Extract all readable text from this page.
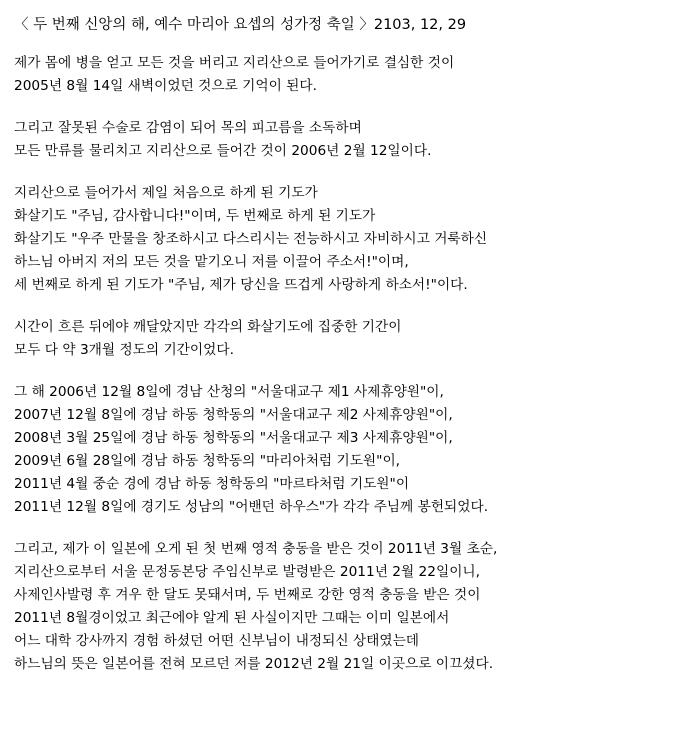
〈 두 번째 신앙의 해, 예수 마리아 요셉의 성가정 축일 〉2103, 12, 29
제가 몸에 병을 얻고 모든 것을 버리고 지리산으로 들어가기로 결심한 것이
2005년 8월 14일 새벽이었던 것으로 기억이 된다.
그리고 잘못된 수술로 감염이 되어 목의 피고름을 소독하며
모든 만류를 물리치고 지리산으로 들어간 것이 2006년 2월 12일이다.
지리산으로 들어가서 제일 처음으로 하게 된 기도가
화살기도 "주님, 감사합니다!"이며, 두 번째로 하게 된 기도가
화살기도 "우주 만물을 창조하시고 다스리시는 전능하시고 자비하시고 거룩하신
하느님 아버지 저의 모든 것을 맡기오니 저를 이끌어 주소서!"이며,
세 번째로 하게 된 기도가 "주님, 제가 당신을 뜨겁게 사랑하게 하소서!"이다.
시간이 흐른 뒤에야 깨달았지만 각각의 화살기도에 집중한 기간이
모두 다 약 3개월 정도의 기간이었다.
그 해 2006년 12월 8일에 경남 산청의 "서울대교구 제1 사제휴양원"이,
2007년 12월 8일에 경남 하동 청학동의 "서울대교구 제2 사제휴양원"이,
2008년 3월 25일에 경남 하동 청학동의 "서울대교구 제3 사제휴양원"이,
2009년 6월 28일에 경남 하동 청학동의 "마리아처럼 기도원"이,
2011년 4월 중순 경에 경남 하동 청학동의 "마르타처럼 기도원"이
2011년 12월 8일에 경기도 성남의 "어밴던 하우스"가 각각 주님께 봉헌되었다.
그리고, 제가 이 일본에 오게 된 첫 번째 영적 충동을 받은 것이 2011년 3월 초순,
지리산으로부터 서울 문정동본당 주임신부로 발령받은 2011년 2월 22일이니,
사제인사발령 후 겨우 한 달도 못돼서며, 두 번째로 강한 영적 충동을 받은 것이
2011년 8월경이었고 최근에야 알게 된 사실이지만 그때는 이미 일본에서
어느 대학 강사까지 경험 하셨던 어떤 신부님이 내정되신 상태였는데
하느님의 뜻은 일본어를 전혀 모르던 저를 2012년 2월 21일 이곳으로 이끄셨다.
